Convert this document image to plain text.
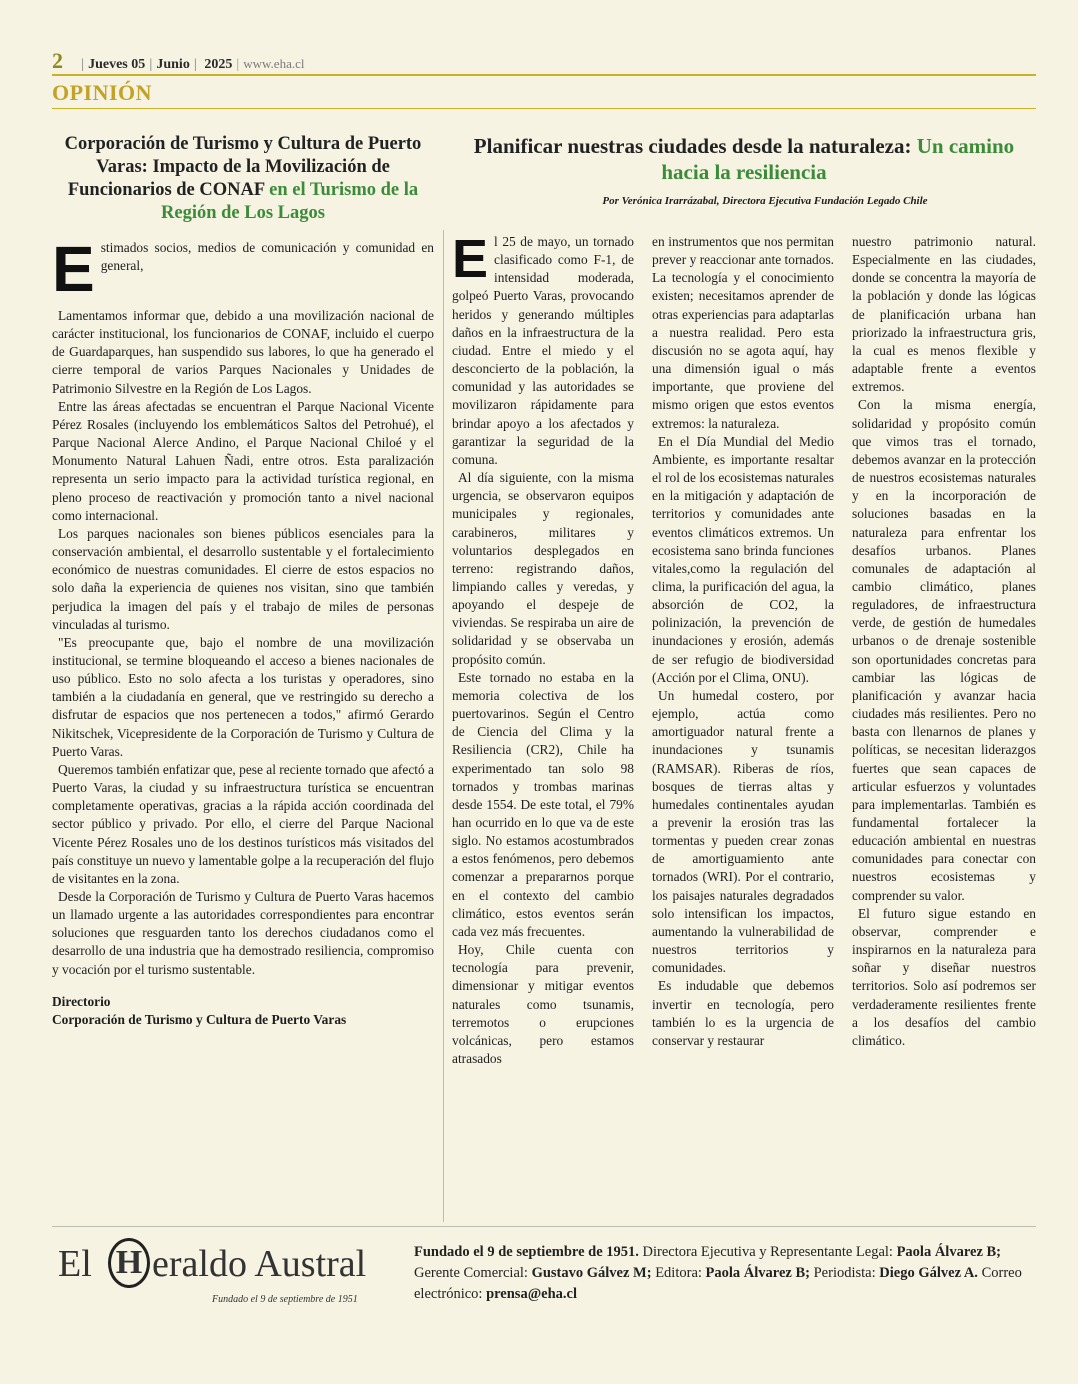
2 | Jueves 05 | Junio | 2025 | www.eha.cl
OPINIÓN
Corporación de Turismo y Cultura de Puerto Varas: Impacto de la Movilización de Funcionarios de CONAF en el Turismo de la Región de Los Lagos

Estimados socios, medios de comunicación y comunidad en general,

Lamentamos informar que, debido a una movilización nacional de carácter institucional, los funcionarios de CONAF, incluido el cuerpo de Guardaparques, han suspendido sus labores, lo que ha generado el cierre temporal de varios Parques Nacionales y Unidades de Patrimonio Silvestre en la Región de Los Lagos.

Entre las áreas afectadas se encuentran el Parque Nacional Vicente Pérez Rosales (incluyendo los emblemáticos Saltos del Petrohué), el Parque Nacional Alerce Andino, el Parque Nacional Chiloé y el Monumento Natural Lahuen Ñadi, entre otros. Esta paralización representa un serio impacto para la actividad turística regional, en pleno proceso de reactivación y promoción tanto a nivel nacional como internacional.

Los parques nacionales son bienes públicos esenciales para la conservación ambiental, el desarrollo sustentable y el fortalecimiento económico de nuestras comunidades. El cierre de estos espacios no solo daña la experiencia de quienes nos visitan, sino que también perjudica la imagen del país y el trabajo de miles de personas vinculadas al turismo.

"Es preocupante que, bajo el nombre de una movilización institucional, se termine bloqueando el acceso a bienes nacionales de uso público. Esto no solo afecta a los turistas y operadores, sino también a la ciudadanía en general, que ve restringido su derecho a disfrutar de espacios que nos pertenecen a todos," afirmó Gerardo Nikitschek, Vicepresidente de la Corporación de Turismo y Cultura de Puerto Varas.

Queremos también enfatizar que, pese al reciente tornado que afectó a Puerto Varas, la ciudad y su infraestructura turística se encuentran completamente operativas, gracias a la rápida acción coordinada del sector público y privado. Por ello, el cierre del Parque Nacional Vicente Pérez Rosales uno de los destinos turísticos más visitados del país constituye un nuevo y lamentable golpe a la recuperación del flujo de visitantes en la zona.

Desde la Corporación de Turismo y Cultura de Puerto Varas hacemos un llamado urgente a las autoridades correspondientes para encontrar soluciones que resguarden tanto los derechos ciudadanos como el desarrollo de una industria que ha demostrado resiliencia, compromiso y vocación por el turismo sustentable.

Directorio
Corporación de Turismo y Cultura de Puerto Varas
Planificar nuestras ciudades desde la naturaleza: Un camino hacia la resiliencia
Por Verónica Irarrázabal, Directora Ejecutiva Fundación Legado Chile

El 25 de mayo, un tornado clasificado como F-1, de intensidad moderada, golpeó Puerto Varas, provocando heridos y generando múltiples daños en la infraestructura de la ciudad. Entre el miedo y el desconcierto de la población, la comunidad y las autoridades se movilizaron rápidamente para brindar apoyo a los afectados y garantizar la seguridad de la comuna.

Al día siguiente, con la misma urgencia, se observaron equipos municipales y regionales, carabineros, militares y voluntarios desplegados en terreno: registrando daños, limpiando calles y veredas, y apoyando el despeje de viviendas. Se respiraba un aire de solidaridad y se observaba un propósito común.

Este tornado no estaba en la memoria colectiva de los puertovarinos. Según el Centro de Ciencia del Clima y la Resiliencia (CR2), Chile ha experimentado tan solo 98 tornados y trombas marinas desde 1554. De este total, el 79% han ocurrido en lo que va de este siglo. No estamos acostumbrados a estos fenómenos, pero debemos comenzar a prepararnos porque en el contexto del cambio climático, estos eventos serán cada vez más frecuentes.

Hoy, Chile cuenta con tecnología para prevenir, dimensionar y mitigar eventos naturales como tsunamis, terremotos o erupciones volcánicas, pero estamos atrasados

en instrumentos que nos permitan prever y reaccionar ante tornados. La tecnología y el conocimiento existen; necesitamos aprender de otras experiencias para adaptarlas a nuestra realidad. Pero esta discusión no se agota aquí, hay una dimensión igual o más importante, que proviene del mismo origen que estos eventos extremos: la naturaleza.

En el Día Mundial del Medio Ambiente, es importante resaltar el rol de los ecosistemas naturales en la mitigación y adaptación de territorios y comunidades ante eventos climáticos extremos. Un ecosistema sano brinda funciones vitales,como la regulación del clima, la purificación del agua, la absorción de CO2, la polinización, la prevención de inundaciones y erosión, además de ser refugio de biodiversidad (Acción por el Clima, ONU).

Un humedal costero, por ejemplo, actúa como amortiguador natural frente a inundaciones y tsunamis (RAMSAR). Riberas de ríos, bosques de tierras altas y humedales continentales ayudan a prevenir la erosión tras las tormentas y pueden crear zonas de amortiguamiento ante tornados (WRI). Por el contrario, los paisajes naturales degradados solo intensifican los impactos, aumentando la vulnerabilidad de nuestros territorios y comunidades.

Es indudable que debemos invertir en tecnología, pero también lo es la urgencia de conservar y restaurar

nuestro patrimonio natural. Especialmente en las ciudades, donde se concentra la mayoría de la población y donde las lógicas de planificación urbana han priorizado la infraestructura gris, la cual es menos flexible y adaptable frente a eventos extremos.

Con la misma energía, solidaridad y propósito común que vimos tras el tornado, debemos avanzar en la protección de nuestros ecosistemas naturales y en la incorporación de soluciones basadas en la naturaleza para enfrentar los desafíos urbanos. Planes comunales de adaptación al cambio climático, planes reguladores, de infraestructura verde, de gestión de humedales urbanos o de drenaje sostenible son oportunidades concretas para cambiar las lógicas de planificación y avanzar hacia ciudades más resilientes. Pero no basta con llenarnos de planes y políticas, se necesitan liderazgos fuertes que sean capaces de articular esfuerzos y voluntades para implementarlas. También es fundamental fortalecer la educación ambiental en nuestras comunidades para conectar con nuestros ecosistemas y comprender su valor.

El futuro sigue estando en observar, comprender e inspirarnos en la naturaleza para soñar y diseñar nuestros territorios. Solo así podremos ser verdaderamente resilientes frente a los desafíos del cambio climático.

El H eraldo Austral
Fundado el 9 de septiembre de 1951
Fundado el 9 de septiembre de 1951. Directora Ejecutiva y Representante Legal: Paola Álvarez B; Gerente Comercial: Gustavo Gálvez M; Editora: Paola Álvarez B; Periodista: Diego Gálvez A. Correo electrónico: prensa@eha.cl
